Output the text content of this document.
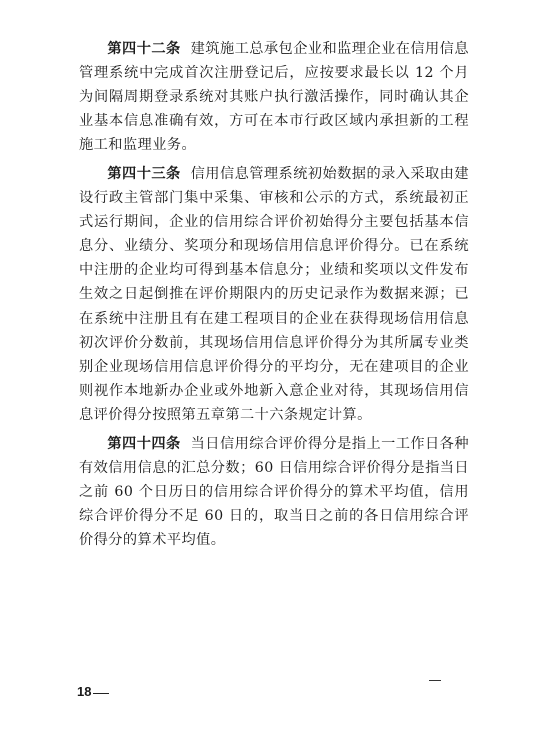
第四十二条 建筑施工总承包企业和监理企业在信用信息管理系统中完成首次注册登记后，应按要求最长以 12 个月为间隔周期登录系统对其账户执行激活操作，同时确认其企业基本信息准确有效，方可在本市行政区域内承担新的工程施工和监理业务。

第四十三条 信用信息管理系统初始数据的录入采取由建设行政主管部门集中采集、审核和公示的方式，系统最初正式运行期间，企业的信用综合评价初始得分主要包括基本信息分、业绩分、奖项分和现场信用信息评价得分。已在系统中注册的企业均可得到基本信息分；业绩和奖项以文件发布生效之日起倒推在评价期限内的历史记录作为数据来源；已在系统中注册且有在建工程项目的企业在获得现场信用信息初次评价分数前，其现场信用信息评价得分为其所属专业类别企业现场信用信息评价得分的平均分，无在建项目的企业则视作本地新办企业或外地新入意企业对待，其现场信用信息评价得分按照第五章第二十六条规定计算。

第四十四条 当日信用综合评价得分是指上一工作日各种有效信用信息的汇总分数；60 日信用综合评价得分是指当日之前 60 个日历日的信用综合评价得分的算术平均值，信用综合评价得分不足 60 日的，取当日之前的各日信用综合评价得分的算术平均值。

18
